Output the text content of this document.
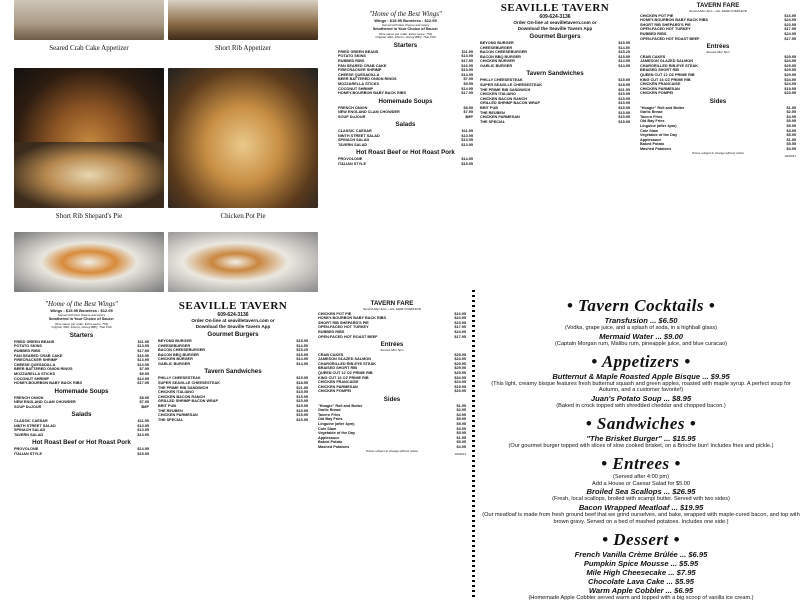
Seared Crab Cake Appetizer	Short Rib Appetizer
Short Rib Shepard's Pie	Chicken Pot Pie
"Home of the Best Wings"
Wings : $15.95 Boneless : $12.95
Served with blue cheese and celery
Smothered in Your Choice of Sauce:
(One sauce per order. Extra sauce .75¢)
Original, Mild, Inferno, Honey BBQ, Thai Chili
Starters
FRIED GREEN BEANS	$11.95
POTATO SKINS	$13.95
RUBBED RIBS	$17.95
PAN SEARED CRAB CAKE	$16.95
FIRECRACKER SHRIMP	$13.95
CHEESE QUESADILLA	$14.95
BEER BATTERED ONION RINGS	$7.95
MOZZARELLA STICKS	$9.95
COCONUT SHRIMP	$14.95
HONEY-BOURBON BABY BACK RIBS	$17.95
Homemade Soups
FRENCH ONION	$8.95
NEW ENGLAND CLAM CHOWDER	$7.95
SOUP DuJOUR	$MP
Salads
CLASSIC CAESAR	$11.95
NINTH STREET SALAD	$13.95
SPINACH SALAD	$13.95
TAVERN SALAD	$13.95
Hot Roast Beef or Hot Roast Pork
PROVOLONE	$14.95
ITALIAN STYLE	$15.95
SEAVILLE TAVERN
609-624-3136
Order On-line at seavilletavern.com or
Download the Seaville Tavern App
Gourmet Burgers
BEYOND BURGER	$15.95
CHEESEBURGER	$14.50
BACON CHEESEBURGER	$15.25
BACON BBQ BURGER	$15.95
CHICKEN BURGER	$14.95
GARLIC BURGER	$14.95
Tavern Sandwiches
PHILLY CHEESESTEAK	$15.95
SUPER SEAVILLE CHEESESTEAK	$18.95
THE PRIME RIB SANDWICH	$21.95
CHICKEN ITALIANO	$15.95
CHICKEN BACON RANCH	$15.95
GRILLED SHRIMP BACON WRAP	$15.95
BRIT PUB	$15.95
THE REUBEN	$15.95
CHICKEN PARMESAN	$15.95
THE SPECIAL	$15.95
TAVERN FARE
Served After 4pm – ALL FARE COMPLETE
CHICKEN POT PIE	$16.95
HONEY-BOURBON BABY BACK RIBS	$24.95
SHORT RIB SHEPARD'S PIE	$23.95
OPEN-FACED HOT TURKEY	$17.95
RUBBED RIBS	$24.95
OPEN-FACED HOT ROAST BEEF	$17.95
Entrées
Served After 5pm
CRAB CAKES	$29.95
JAMESON GLAZED SALMON	$24.95
CHARGRILLED RIB-EYE STEAK	$29.95
BRAISED SHORT RIB	$29.95
QUEEN CUT 12 OZ PRIME RIB	$29.95
KING CUT 16 OZ PRIME RIB	$34.95
CHICKEN FRANCAISE	$24.95
CHICKEN PARMESAN	$19.95
CHICKEN POMPEI	$23.95
Sides
"Hoagie" Roll and Butter	$1.95
Garlic Bread	$2.95
Tavern Fries	$4.95
Old Bay Fries	$5.95
Linguine (after 4pm)	$5.95
Cole Slaw	$3.95
Vegetable of the Day	$5.95
Applesauce	$1.95
Baked Potato	$5.95
Mashed Potatoes	$4.95
Prices subject to change without notice
10/26/21
"Home of the Best Wings"
Wings : $15.95 Boneless : $12.95
Served with blue cheese and celery
Smothered in Your Choice of Sauce:
(One sauce per order. Extra sauce .75¢)
Original, Mild, Inferno, Honey BBQ, Thai Chili
Starters
FRIED GREEN BEANS	$11.95
POTATO SKINS	$13.95
RUBBED RIBS	$17.95
PAN SEARED CRAB CAKE	$16.95
FIRECRACKER SHRIMP	$13.95
CHEESE QUESADILLA	$14.95
BEER BATTERED ONION RINGS	$7.95
MOZZARELLA STICKS	$9.95
COCONUT SHRIMP	$14.95
HONEY-BOURBON BABY BACK RIBS	$17.95
Homemade Soups
FRENCH ONION	$8.95
NEW ENGLAND CLAM CHOWDER	$7.95
SOUP DuJOUR	$MP
Salads
CLASSIC CAESAR	$11.95
NINTH STREET SALAD	$13.95
SPINACH SALAD	$13.95
TAVERN SALAD	$13.95
Hot Roast Beef or Hot Roast Pork
PROVOLONE	$14.95
ITALIAN STYLE	$15.95
SEAVILLE TAVERN
609-624-3136
Order On-line at seavilletavern.com or
Download the Seaville Tavern App
Gourmet Burgers
BEYOND BURGER	$15.95
CHEESEBURGER	$14.50
BACON CHEESEBURGER	$15.25
BACON BBQ BURGER	$15.95
CHICKEN BURGER	$14.95
GARLIC BURGER	$14.95
Tavern Sandwiches
PHILLY CHEESESTEAK	$15.95
SUPER SEAVILLE CHEESESTEAK	$18.95
THE PRIME RIB SANDWICH	$21.95
CHICKEN ITALIANO	$15.95
CHICKEN BACON RANCH	$15.95
GRILLED SHRIMP BACON WRAP	$15.95
BRIT PUB	$15.95
THE REUBEN	$15.95
CHICKEN PARMESAN	$15.95
THE SPECIAL	$15.95
TAVERN FARE
Served After 4pm – ALL FARE COMPLETE
CHICKEN POT PIE	$16.95
HONEY-BOURBON BABY BACK RIBS	$24.95
SHORT RIB SHEPARD'S PIE	$23.95
OPEN-FACED HOT TURKEY	$17.95
RUBBED RIBS	$24.95
OPEN-FACED HOT ROAST BEEF	$17.95
Entrées
Served After 5pm
CRAB CAKES	$29.95
JAMESON GLAZED SALMON	$24.95
CHARGRILLED RIB-EYE STEAK	$29.95
BRAISED SHORT RIB	$29.95
QUEEN CUT 12 OZ PRIME RIB	$29.95
KING CUT 16 OZ PRIME RIB	$34.95
CHICKEN FRANCAISE	$24.95
CHICKEN PARMESAN	$19.95
CHICKEN POMPEI	$23.95
Sides
"Hoagie" Roll and Butter	$1.95
Garlic Bread	$2.95
Tavern Fries	$4.95
Old Bay Fries	$5.95
Linguine (after 4pm)	$5.95
Cole Slaw	$3.95
Vegetable of the Day	$5.95
Applesauce	$1.95
Baked Potato	$5.95
Mashed Potatoes	$4.95
Prices subject to change without notice
10/26/21
• Tavern Cocktails •
Transfusion ... $6.50
(Vodka, grape juice, and a splash of soda, in a highball glass)
Mermaid Water ... $9.00
(Captain Morgan rum, Malibu rum, pineapple juice, and blue curacao)
• Appetizers •
Butternut & Maple Roasted Apple Bisque ... $9.95
(This light, creamy bisque features fresh butternut squash and green apples, roasted with maple syrup. A perfect soup for Autumn, and a customer favorite!)
Juan's Potato Soup ... $8.95
(Baked in crock topped with shredded cheddar and chopped bacon.)
• Sandwiches •
"The Brisket Burger" ... $15.95
(Our gourmet burger topped with slices of slow cooked brisket, on a Brioche bun! Includes fries and pickle.)
• Entrees •
(Served after 4:00 pm)
Add a House or Caesar Salad for $5.00
Broiled Sea Scallops ... $26.95
(Fresh, local scallops, broiled with scampi butter. Served with two sides)
Bacon Wrapped Meatloaf ... $19.95
(Our meatloaf is made from fresh ground beef that we grind ourselves, and bake, wrapped with maple-cured bacon, and top with brown gravy. Served on a bed of mashed potatoes. Includes one side.)
• Dessert •
French Vanilla Crème Brûlée ... $6.95
Pumpkin Spice Mousse ... $5.95
Mile High Cheesecake ... $7.95
Chocolate Lava Cake ... $5.95
Warm Apple Cobbler ... $6.95
(Homemade Apple Cobbler served warm and topped with a big scoop of vanilla ice cream.)
